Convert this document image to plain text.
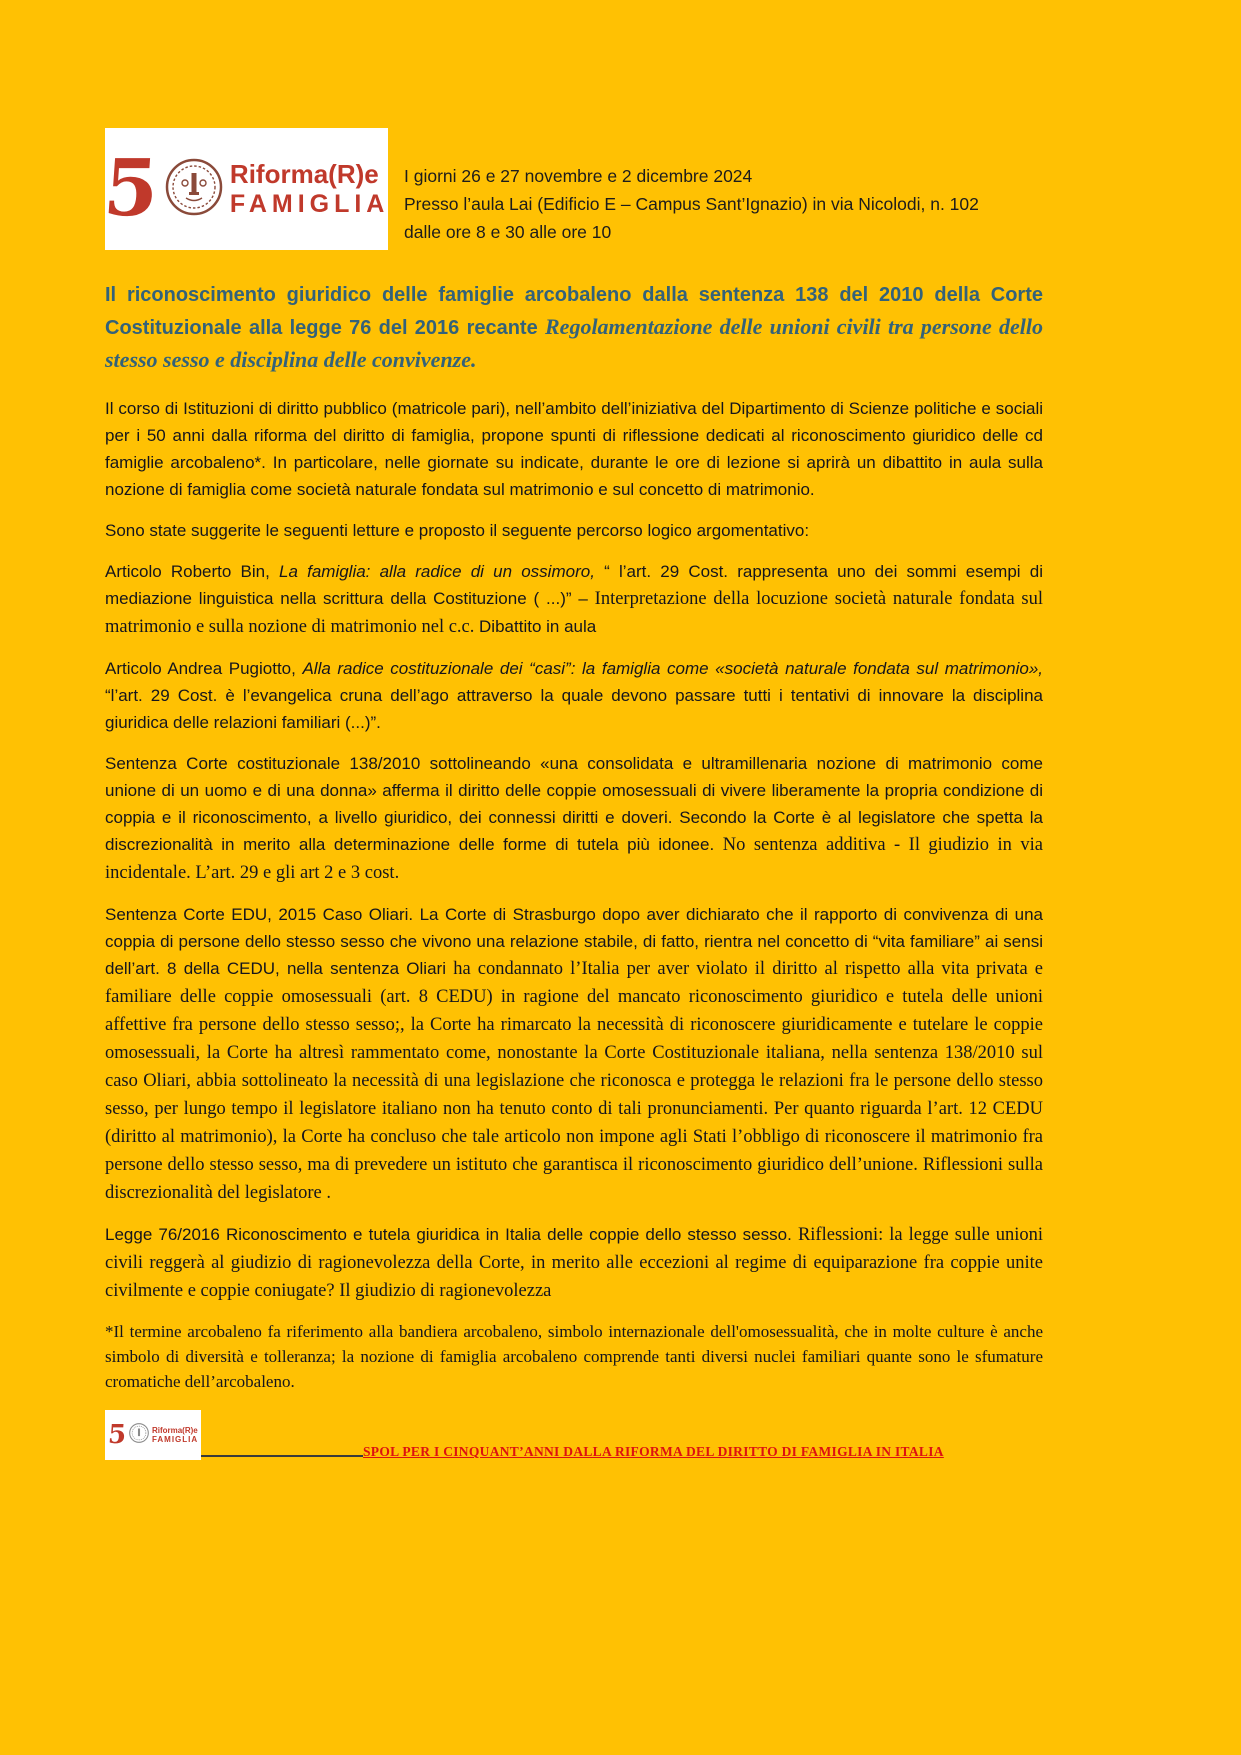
5	Riforma(R)e
FAMIGLIA
I giorni 26 e 27 novembre e 2 dicembre 2024
Presso l’aula Lai (Edificio E – Campus Sant’Ignazio) in via Nicolodi, n. 102
dalle ore 8 e 30 alle ore 10
Il riconoscimento giuridico delle famiglie arcobaleno dalla sentenza 138 del 2010 della Corte Costituzionale alla legge 76 del 2016 recante Regolamentazione delle unioni civili tra persone dello stesso sesso e disciplina delle convivenze.

Il corso di Istituzioni di diritto pubblico (matricole pari), nell’ambito dell’iniziativa del Dipartimento di Scienze politiche e sociali per i 50 anni dalla riforma del diritto di famiglia, propone spunti di riflessione dedicati al riconoscimento giuridico delle cd famiglie arcobaleno*. In particolare, nelle giornate su indicate, durante le ore di lezione si aprirà un dibattito in aula sulla nozione di famiglia come società naturale fondata sul matrimonio e sul concetto di matrimonio.

Sono state suggerite le seguenti letture e proposto il seguente percorso logico argomentativo:

Articolo Roberto Bin, La famiglia: alla radice di un ossimoro, “ l’art. 29 Cost. rappresenta uno dei sommi esempi di mediazione linguistica nella scrittura della Costituzione ( ...)” – Interpretazione della locuzione società naturale fondata sul matrimonio e sulla nozione di matrimonio nel c.c. Dibattito in aula

Articolo Andrea Pugiotto, Alla radice costituzionale dei “casi”: la famiglia come «società naturale fondata sul matrimonio», “l’art. 29 Cost. è l’evangelica cruna dell’ago attraverso la quale devono passare tutti i tentativi di innovare la disciplina giuridica delle relazioni familiari (...)”.

Sentenza Corte costituzionale 138/2010 sottolineando «una consolidata e ultramillenaria nozione di matrimonio come unione di un uomo e di una donna» afferma il diritto delle coppie omosessuali di vivere liberamente la propria condizione di coppia e il riconoscimento, a livello giuridico, dei connessi diritti e doveri. Secondo la Corte è al legislatore che spetta la discrezionalità in merito alla determinazione delle forme di tutela più idonee. No sentenza additiva - Il giudizio in via incidentale. L’art. 29 e gli art 2 e 3 cost.

Sentenza Corte EDU, 2015 Caso Oliari. La Corte di Strasburgo dopo aver dichiarato che il rapporto di convivenza di una coppia di persone dello stesso sesso che vivono una relazione stabile, di fatto, rientra nel concetto di “vita familiare” ai sensi dell’art. 8 della CEDU, nella sentenza Oliari ha condannato l’Italia per aver violato il diritto al rispetto alla vita privata e familiare delle coppie omosessuali (art. 8 CEDU) in ragione del mancato riconoscimento giuridico e tutela delle unioni affettive fra persone dello stesso sesso;, la Corte ha rimarcato la necessità di riconoscere giuridicamente e tutelare le coppie omosessuali, la Corte ha altresì rammentato come, nonostante la Corte Costituzionale italiana, nella sentenza 138/2010 sul caso Oliari, abbia sottolineato la necessità di una legislazione che riconosca e protegga le relazioni fra le persone dello stesso sesso, per lungo tempo il legislatore italiano non ha tenuto conto di tali pronunciamenti. Per quanto riguarda l’art. 12 CEDU (diritto al matrimonio), la Corte ha concluso che tale articolo non impone agli Stati l’obbligo di riconoscere il matrimonio fra persone dello stesso sesso, ma di prevedere un istituto che garantisca il riconoscimento giuridico dell’unione. Riflessioni sulla discrezionalità del legislatore .

Legge 76/2016 Riconoscimento e tutela giuridica in Italia delle coppie dello stesso sesso. Riflessioni: la legge sulle unioni civili reggerà al giudizio di ragionevolezza della Corte, in merito alle eccezioni al regime di equiparazione fra coppie unite civilmente e coppie coniugate? Il giudizio di ragionevolezza

*Il termine arcobaleno fa riferimento alla bandiera arcobaleno, simbolo internazionale dell'omosessualità, che in molte culture è anche simbolo di diversità e tolleranza; la nozione di famiglia arcobaleno comprende tanti diversi nuclei familiari quante sono le sfumature cromatiche dell’arcobaleno.

5	Riforma(R)e
FAMIGLIA
SPOL PER I CINQUANT’ANNI DALLA RIFORMA DEL DIRITTO DI FAMIGLIA IN ITALIA
